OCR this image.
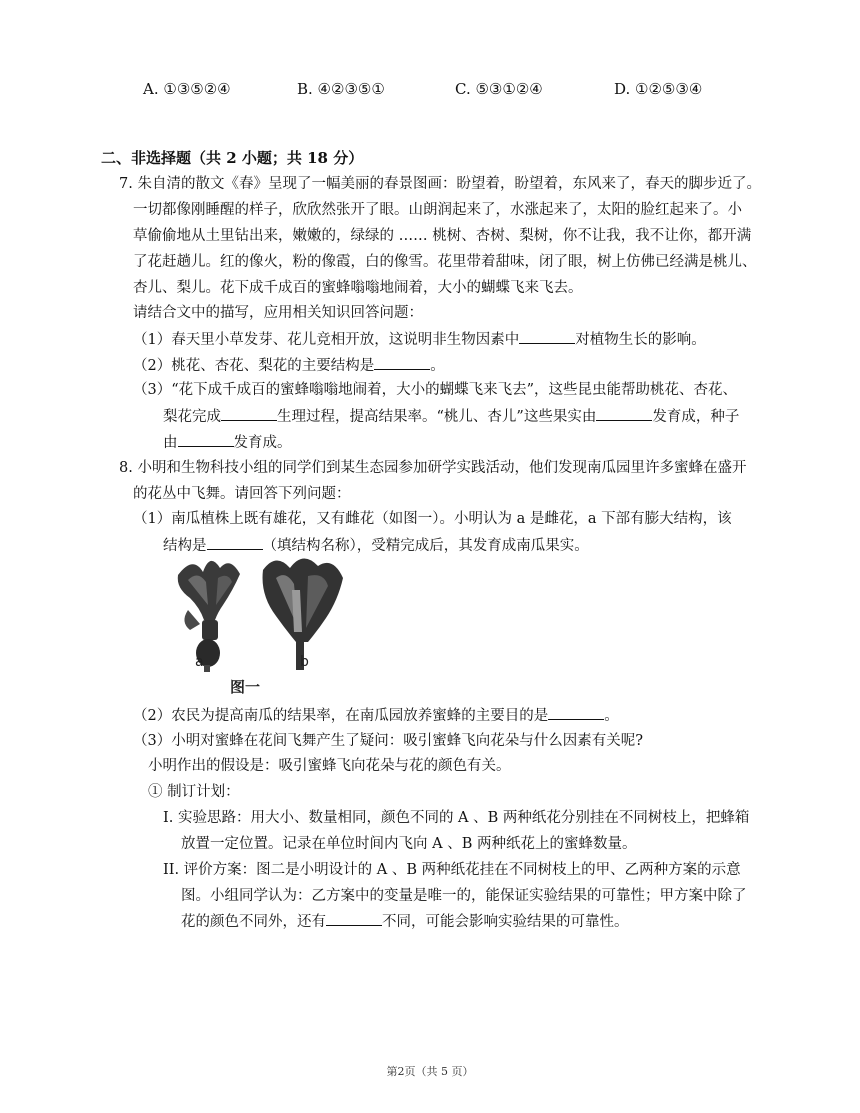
A. ①③⑤②④	B. ④②③⑤①	C. ⑤③①②④	D. ①②⑤③④
二、非选择题（共 2 小题；共 18 分）
7. 朱自清的散文《春》呈现了一幅美丽的春景图画：盼望着，盼望着，东风来了，春天的脚步近了。
一切都像刚睡醒的样子，欣欣然张开了眼。山朗润起来了，水涨起来了，太阳的脸红起来了。小
草偷偷地从土里钻出来，嫩嫩的，绿绿的 …… 桃树、杏树、梨树，你不让我，我不让你，都开满
了花赶趟儿。红的像火，粉的像霞，白的像雪。花里带着甜味，闭了眼，树上仿佛已经满是桃儿、
杏儿、梨儿。花下成千成百的蜜蜂嗡嗡地闹着，大小的蝴蝶飞来飞去。
请结合文中的描写，应用相关知识回答问题：
（1）春天里小草发芽、花儿竞相开放，这说明非生物因素中	对植物生长的影响。
（2）桃花、杏花、梨花的主要结构是	。
（3）“花下成千成百的蜜蜂嗡嗡地闹着，大小的蝴蝶飞来飞去”，这些昆虫能帮助桃花、杏花、
梨花完成	生理过程，提高结果率。“桃儿、杏儿”这些果实由	发育成，种子
由	发育成。
8. 小明和生物科技小组的同学们到某生态园参加研学实践活动，他们发现南瓜园里许多蜜蜂在盛开
的花丛中飞舞。请回答下列问题：
（1）南瓜植株上既有雄花，又有雌花（如图一）。小明认为 a 是雌花，a 下部有膨大结构，该
结构是	（填结构名称），受精完成后，其发育成南瓜果实。
a	b
图一
（2）农民为提高南瓜的结果率，在南瓜园放养蜜蜂的主要目的是	。
（3）小明对蜜蜂在花间飞舞产生了疑问：吸引蜜蜂飞向花朵与什么因素有关呢?
小明作出的假设是：吸引蜜蜂飞向花朵与花的颜色有关。
① 制订计划：
I. 实验思路：用大小、数量相同，颜色不同的 A 、B 两种纸花分别挂在不同树枝上，把蜂箱
放置一定位置。记录在单位时间内飞向 A 、B 两种纸花上的蜜蜂数量。
II. 评价方案：图二是小明设计的 A 、B 两种纸花挂在不同树枝上的甲、乙两种方案的示意
图。小组同学认为：乙方案中的变量是唯一的，能保证实验结果的可靠性；甲方案中除了
花的颜色不同外，还有	不同，可能会影响实验结果的可靠性。
第2页（共 5 页）
